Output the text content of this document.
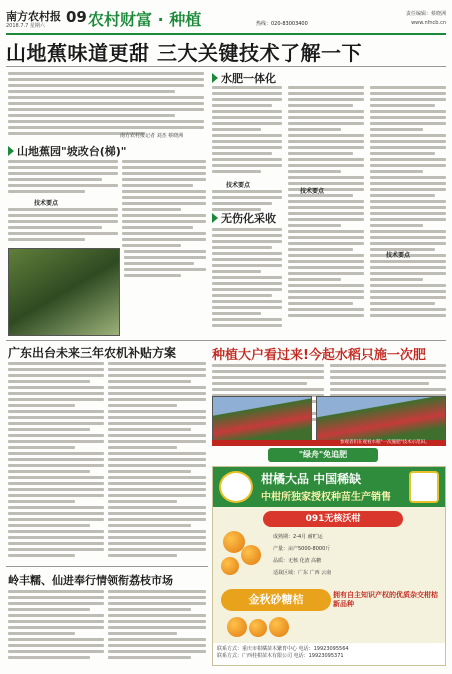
南方农村报
2018.7.7 星期六 09 农村财富 · 种植	热线：020-83003400
责任编辑：蔡晓洲
www.nfncb.cn
山地蕉味道更甜 三大关键技术了解一下
南方农村报记者 刘杰 蔡晓洲
山地蕉园"坡改台(梯)"
技术要点
水肥一体化
技术要点
无伤化采收
技术要点
技术要点
广东出台未来三年农机补贴方案
岭丰糯、仙进奉行情领衔荔枝市场
种植大户看过来!今起水稻只施一次肥
参观者们在观看水稻"一次施肥"技术示范田。
"绿舟"免追肥
柑橘大品 中国稀缺
中柑所独家授权种苗生产销售
091无核沃柑
成熟期：2-4月 耐贮运
产量：亩产5000-8000斤
品质：无核 化渣 高糖
适栽区域：广东 广西 云南
金秋砂糖桔	拥有自主知识产权的优质杂交柑桔新品种
联系方式：重庆市柑橘苗木繁育中心 电话：19923095564
联系方式：广西桂柑苗木有限公司 电话：19923095371
